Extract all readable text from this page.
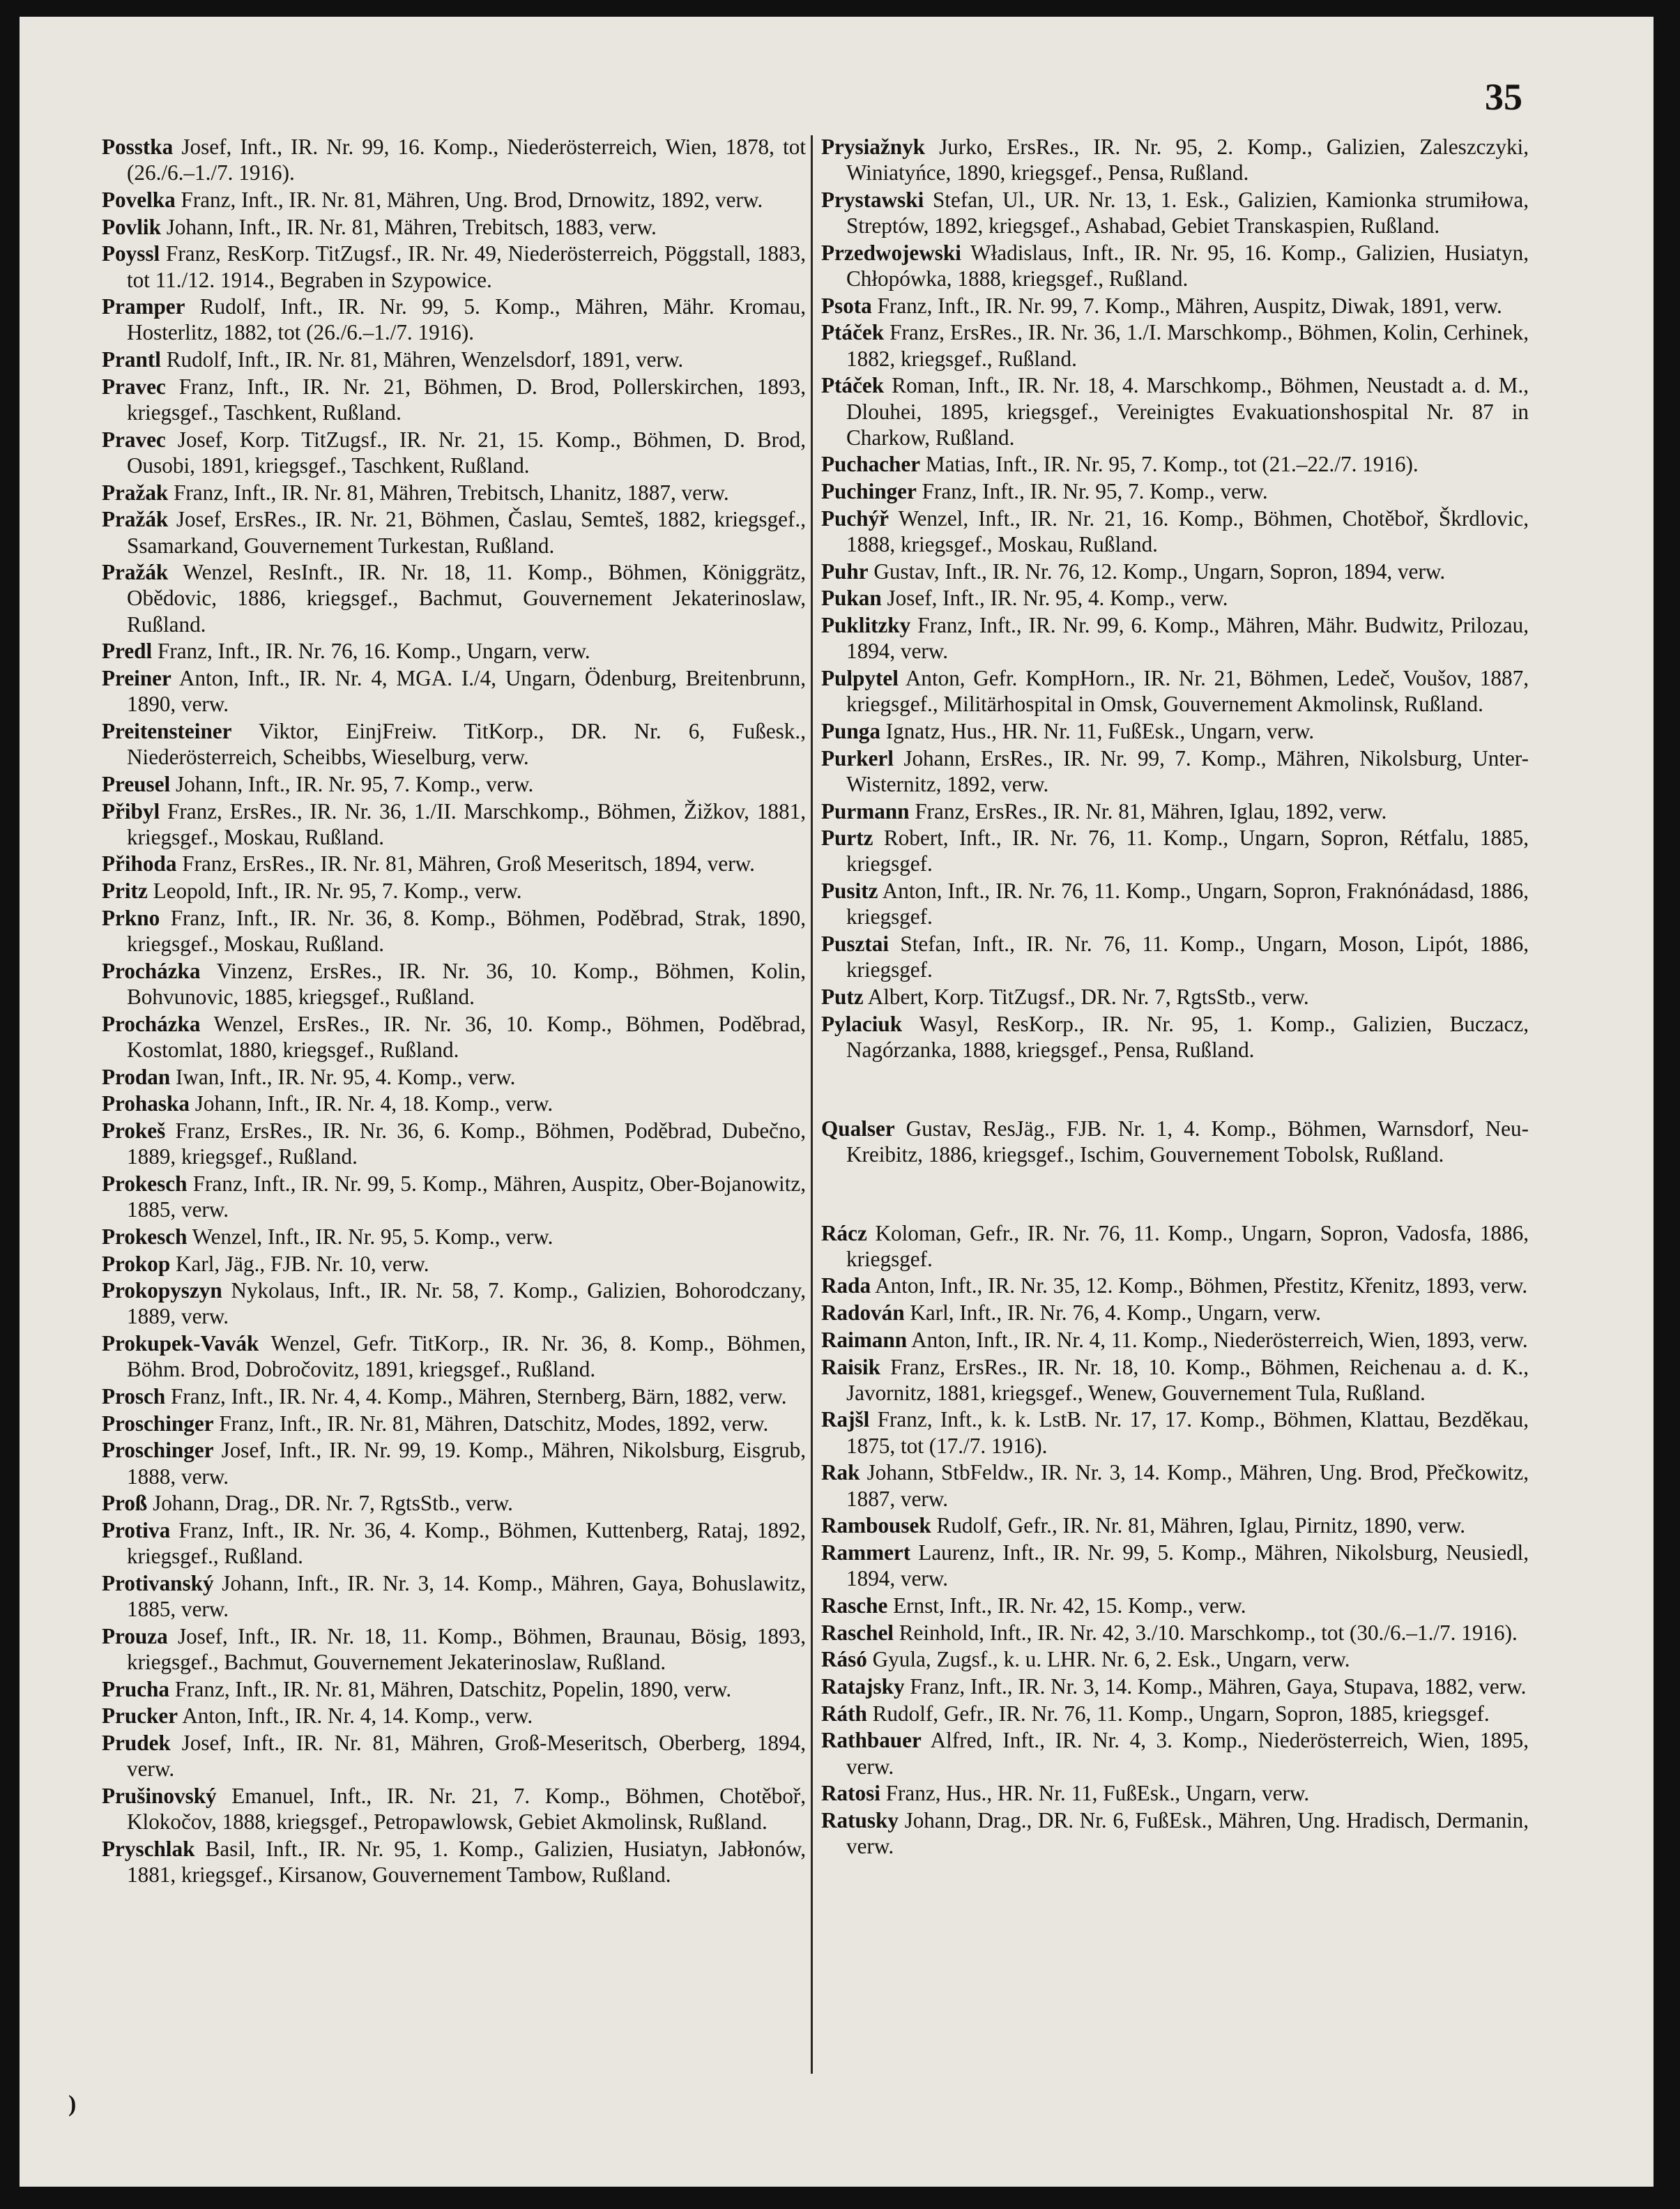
35

Posstka Josef, Inft., IR. Nr. 99, 16. Komp., Niederösterreich, Wien, 1878, tot (26./6.–1./7. 1916).

Povelka Franz, Inft., IR. Nr. 81, Mähren, Ung. Brod, Drnowitz, 1892, verw.

Povlik Johann, Inft., IR. Nr. 81, Mähren, Trebitsch, 1883, verw.

Poyssl Franz, ResKorp. TitZugsf., IR. Nr. 49, Niederösterreich, Pöggstall, 1883, tot 11./12. 1914., Begraben in Szypowice.

Pramper Rudolf, Inft., IR. Nr. 99, 5. Komp., Mähren, Mähr. Kromau, Hosterlitz, 1882, tot (26./6.–1./7. 1916).

Prantl Rudolf, Inft., IR. Nr. 81, Mähren, Wenzelsdorf, 1891, verw.

Pravec Franz, Inft., IR. Nr. 21, Böhmen, D. Brod, Pollerskirchen, 1893, kriegsgef., Taschkent, Rußland.

Pravec Josef, Korp. TitZugsf., IR. Nr. 21, 15. Komp., Böhmen, D. Brod, Ousobi, 1891, kriegsgef., Taschkent, Rußland.

Pražak Franz, Inft., IR. Nr. 81, Mähren, Trebitsch, Lhanitz, 1887, verw.

Pražák Josef, ErsRes., IR. Nr. 21, Böhmen, Časlau, Semteš, 1882, kriegsgef., Ssamarkand, Gouvernement Turkestan, Rußland.

Pražák Wenzel, ResInft., IR. Nr. 18, 11. Komp., Böhmen, Königgrätz, Obědovic, 1886, kriegsgef., Bachmut, Gouvernement Jekaterinoslaw, Rußland.

Predl Franz, Inft., IR. Nr. 76, 16. Komp., Ungarn, verw.

Preiner Anton, Inft., IR. Nr. 4, MGA. I./4, Ungarn, Ödenburg, Breitenbrunn, 1890, verw.

Preitensteiner Viktor, EinjFreiw. TitKorp., DR. Nr. 6, Fußesk., Niederösterreich, Scheibbs, Wieselburg, verw.

Preusel Johann, Inft., IR. Nr. 95, 7. Komp., verw.

Přibyl Franz, ErsRes., IR. Nr. 36, 1./II. Marschkomp., Böhmen, Žižkov, 1881, kriegsgef., Moskau, Rußland.

Přihoda Franz, ErsRes., IR. Nr. 81, Mähren, Groß Meseritsch, 1894, verw.

Pritz Leopold, Inft., IR. Nr. 95, 7. Komp., verw.

Prkno Franz, Inft., IR. Nr. 36, 8. Komp., Böhmen, Poděbrad, Strak, 1890, kriegsgef., Moskau, Rußland.

Procházka Vinzenz, ErsRes., IR. Nr. 36, 10. Komp., Böhmen, Kolin, Bohvunovic, 1885, kriegsgef., Rußland.

Procházka Wenzel, ErsRes., IR. Nr. 36, 10. Komp., Böhmen, Poděbrad, Kostomlat, 1880, kriegsgef., Rußland.

Prodan Iwan, Inft., IR. Nr. 95, 4. Komp., verw.

Prohaska Johann, Inft., IR. Nr. 4, 18. Komp., verw.

Prokeš Franz, ErsRes., IR. Nr. 36, 6. Komp., Böhmen, Poděbrad, Dubečno, 1889, kriegsgef., Rußland.

Prokesch Franz, Inft., IR. Nr. 99, 5. Komp., Mähren, Auspitz, Ober-Bojanowitz, 1885, verw.

Prokesch Wenzel, Inft., IR. Nr. 95, 5. Komp., verw.

Prokop Karl, Jäg., FJB. Nr. 10, verw.

Prokopyszyn Nykolaus, Inft., IR. Nr. 58, 7. Komp., Galizien, Bohorodczany, 1889, verw.

Prokupek-Vavák Wenzel, Gefr. TitKorp., IR. Nr. 36, 8. Komp., Böhmen, Böhm. Brod, Dobročovitz, 1891, kriegsgef., Rußland.

Prosch Franz, Inft., IR. Nr. 4, 4. Komp., Mähren, Sternberg, Bärn, 1882, verw.

Proschinger Franz, Inft., IR. Nr. 81, Mähren, Datschitz, Modes, 1892, verw.

Proschinger Josef, Inft., IR. Nr. 99, 19. Komp., Mähren, Nikolsburg, Eisgrub, 1888, verw.

Proß Johann, Drag., DR. Nr. 7, RgtsStb., verw.

Protiva Franz, Inft., IR. Nr. 36, 4. Komp., Böhmen, Kuttenberg, Rataj, 1892, kriegsgef., Rußland.

Protivanský Johann, Inft., IR. Nr. 3, 14. Komp., Mähren, Gaya, Bohuslawitz, 1885, verw.

Prouza Josef, Inft., IR. Nr. 18, 11. Komp., Böhmen, Braunau, Bösig, 1893, kriegsgef., Bachmut, Gouvernement Jekaterinoslaw, Rußland.

Prucha Franz, Inft., IR. Nr. 81, Mähren, Datschitz, Popelin, 1890, verw.

Prucker Anton, Inft., IR. Nr. 4, 14. Komp., verw.

Prudek Josef, Inft., IR. Nr. 81, Mähren, Groß-Meseritsch, Oberberg, 1894, verw.

Prušinovský Emanuel, Inft., IR. Nr. 21, 7. Komp., Böhmen, Chotěboř, Klokočov, 1888, kriegsgef., Petropawlowsk, Gebiet Akmolinsk, Rußland.

Pryschlak Basil, Inft., IR. Nr. 95, 1. Komp., Galizien, Husiatyn, Jabłonów, 1881, kriegsgef., Kirsanow, Gouvernement Tambow, Rußland.

Prysiažnyk Jurko, ErsRes., IR. Nr. 95, 2. Komp., Galizien, Zaleszczyki, Winiatyńce, 1890, kriegsgef., Pensa, Rußland.

Prystawski Stefan, Ul., UR. Nr. 13, 1. Esk., Galizien, Kamionka strumiłowa, Streptów, 1892, kriegsgef., Ashabad, Gebiet Transkaspien, Rußland.

Przedwojewski Władislaus, Inft., IR. Nr. 95, 16. Komp., Galizien, Husiatyn, Chłopówka, 1888, kriegsgef., Rußland.

Psota Franz, Inft., IR. Nr. 99, 7. Komp., Mähren, Auspitz, Diwak, 1891, verw.

Ptáček Franz, ErsRes., IR. Nr. 36, 1./I. Marschkomp., Böhmen, Kolin, Cerhinek, 1882, kriegsgef., Rußland.

Ptáček Roman, Inft., IR. Nr. 18, 4. Marschkomp., Böhmen, Neustadt a. d. M., Dlouhei, 1895, kriegsgef., Vereinigtes Evakuationshospital Nr. 87 in Charkow, Rußland.

Puchacher Matias, Inft., IR. Nr. 95, 7. Komp., tot (21.–22./7. 1916).

Puchinger Franz, Inft., IR. Nr. 95, 7. Komp., verw.

Puchýř Wenzel, Inft., IR. Nr. 21, 16. Komp., Böhmen, Chotěboř, Škrdlovic, 1888, kriegsgef., Moskau, Rußland.

Puhr Gustav, Inft., IR. Nr. 76, 12. Komp., Ungarn, Sopron, 1894, verw.

Pukan Josef, Inft., IR. Nr. 95, 4. Komp., verw.

Puklitzky Franz, Inft., IR. Nr. 99, 6. Komp., Mähren, Mähr. Budwitz, Prilozau, 1894, verw.

Pulpytel Anton, Gefr. KompHorn., IR. Nr. 21, Böhmen, Ledeč, Voušov, 1887, kriegsgef., Militärhospital in Omsk, Gouvernement Akmolinsk, Rußland.

Punga Ignatz, Hus., HR. Nr. 11, FußEsk., Ungarn, verw.

Purkerl Johann, ErsRes., IR. Nr. 99, 7. Komp., Mähren, Nikolsburg, Unter-Wisternitz, 1892, verw.

Purmann Franz, ErsRes., IR. Nr. 81, Mähren, Iglau, 1892, verw.

Purtz Robert, Inft., IR. Nr. 76, 11. Komp., Ungarn, Sopron, Rétfalu, 1885, kriegsgef.

Pusitz Anton, Inft., IR. Nr. 76, 11. Komp., Ungarn, Sopron, Fraknónádasd, 1886, kriegsgef.

Pusztai Stefan, Inft., IR. Nr. 76, 11. Komp., Ungarn, Moson, Lipót, 1886, kriegsgef.

Putz Albert, Korp. TitZugsf., DR. Nr. 7, RgtsStb., verw.

Pylaciuk Wasyl, ResKorp., IR. Nr. 95, 1. Komp., Galizien, Buczacz, Nagórzanka, 1888, kriegsgef., Pensa, Rußland.

Qualser Gustav, ResJäg., FJB. Nr. 1, 4. Komp., Böhmen, Warnsdorf, Neu-Kreibitz, 1886, kriegsgef., Ischim, Gouvernement Tobolsk, Rußland.

Rácz Koloman, Gefr., IR. Nr. 76, 11. Komp., Ungarn, Sopron, Vadosfa, 1886, kriegsgef.

Rada Anton, Inft., IR. Nr. 35, 12. Komp., Böhmen, Přestitz, Křenitz, 1893, verw.

Radován Karl, Inft., IR. Nr. 76, 4. Komp., Ungarn, verw.

Raimann Anton, Inft., IR. Nr. 4, 11. Komp., Niederösterreich, Wien, 1893, verw.

Raisik Franz, ErsRes., IR. Nr. 18, 10. Komp., Böhmen, Reichenau a. d. K., Javornitz, 1881, kriegsgef., Wenew, Gouvernement Tula, Rußland.

Rajšl Franz, Inft., k. k. LstB. Nr. 17, 17. Komp., Böhmen, Klattau, Bezděkau, 1875, tot (17./7. 1916).

Rak Johann, StbFeldw., IR. Nr. 3, 14. Komp., Mähren, Ung. Brod, Přečkowitz, 1887, verw.

Rambousek Rudolf, Gefr., IR. Nr. 81, Mähren, Iglau, Pirnitz, 1890, verw.

Rammert Laurenz, Inft., IR. Nr. 99, 5. Komp., Mähren, Nikolsburg, Neusiedl, 1894, verw.

Rasche Ernst, Inft., IR. Nr. 42, 15. Komp., verw.

Raschel Reinhold, Inft., IR. Nr. 42, 3./10. Marschkomp., tot (30./6.–1./7. 1916).

Rásó Gyula, Zugsf., k. u. LHR. Nr. 6, 2. Esk., Ungarn, verw.

Ratajsky Franz, Inft., IR. Nr. 3, 14. Komp., Mähren, Gaya, Stupava, 1882, verw.

Ráth Rudolf, Gefr., IR. Nr. 76, 11. Komp., Ungarn, Sopron, 1885, kriegsgef.

Rathbauer Alfred, Inft., IR. Nr. 4, 3. Komp., Niederösterreich, Wien, 1895, verw.

Ratosi Franz, Hus., HR. Nr. 11, FußEsk., Ungarn, verw.

Ratusky Johann, Drag., DR. Nr. 6, FußEsk., Mähren, Ung. Hradisch, Dermanin, verw.

)
